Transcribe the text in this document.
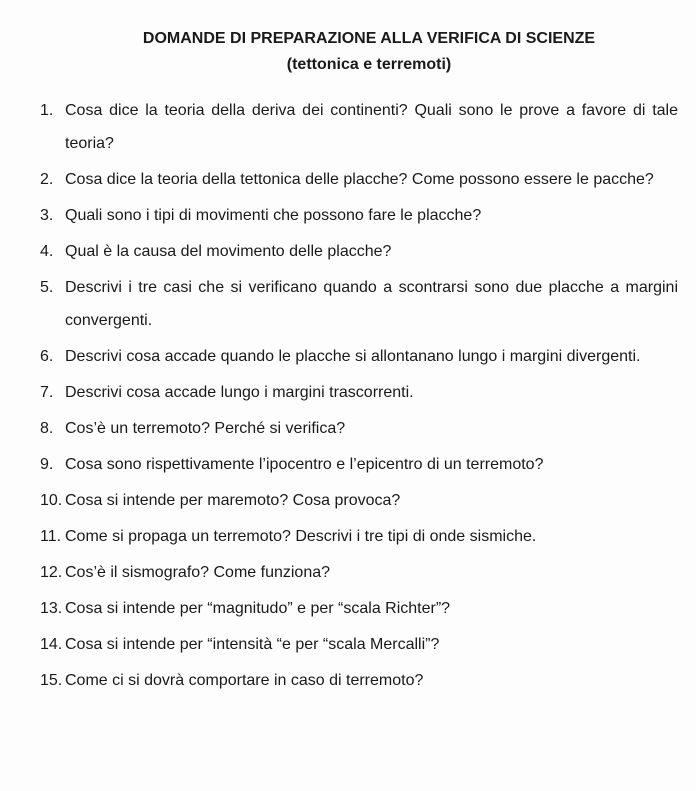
DOMANDE DI PREPARAZIONE ALLA VERIFICA DI SCIENZE
(tettonica e terremoti)
1. Cosa dice la teoria della deriva dei continenti? Quali sono le prove a favore di tale teoria?
2. Cosa dice la teoria della tettonica delle placche? Come possono essere le pacche?
3. Quali sono i tipi di movimenti che possono fare le placche?
4. Qual è la causa del movimento delle placche?
5. Descrivi i tre casi che si verificano quando a scontrarsi sono due placche a margini convergenti.
6. Descrivi cosa accade quando le placche si allontanano lungo i margini divergenti.
7. Descrivi cosa accade lungo i margini trascorrenti.
8. Cos’è un terremoto? Perché si verifica?
9. Cosa sono rispettivamente l’ipocentro e l’epicentro di un terremoto?
10. Cosa si intende per maremoto? Cosa provoca?
11. Come si propaga un terremoto? Descrivi i tre tipi di onde sismiche.
12. Cos’è il sismografo? Come funziona?
13. Cosa si intende per “magnitudo” e per “scala Richter”?
14. Cosa si intende per “intensità “e per “scala Mercalli”?
15. Come ci si dovrà comportare in caso di terremoto?
